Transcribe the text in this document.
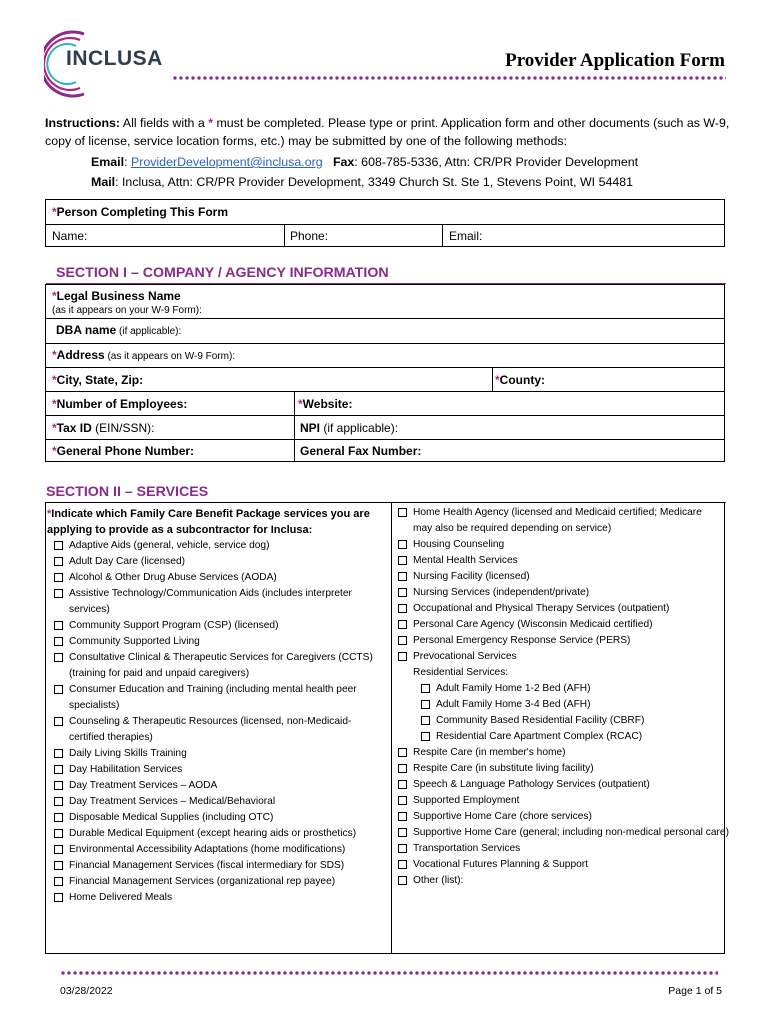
INCLUSA	Provider Application Form
Instructions: All fields with a * must be completed. Please type or print. Application form and other documents (such as W-9, copy of license, service location forms, etc.) may be submitted by one of the following methods:
Email: ProviderDevelopment@inclusa.org Fax: 608-785-5336, Attn: CR/PR Provider Development
Mail: Inclusa, Attn: CR/PR Provider Development, 3349 Church St. Ste 1, Stevens Point, WI 54481
*Person Completing This Form
Name:	Phone:	Email:
SECTION I – COMPANY / AGENCY INFORMATION
*Legal Business Name
(as it appears on your W-9 Form):
DBA name (if applicable):
*Address (as it appears on W-9 Form):
*City, State, Zip:	*County:
*Number of Employees:	*Website:
*Tax ID (EIN/SSN):	NPI (if applicable):
*General Phone Number:	General Fax Number:
SECTION II – SERVICES
*Indicate which Family Care Benefit Package services you are
applying to provide as a subcontractor for Inclusa:
Adaptive Aids (general, vehicle, service dog)
Adult Day Care (licensed)
Alcohol & Other Drug Abuse Services (AODA)
Assistive Technology/Communication Aids (includes interpreter
services)
Community Support Program (CSP) (licensed)
Community Supported Living
Consultative Clinical & Therapeutic Services for Caregivers (CCTS)
(training for paid and unpaid caregivers)
Consumer Education and Training (including mental health peer
specialists)
Counseling & Therapeutic Resources (licensed, non-Medicaid-
certified therapies)
Daily Living Skills Training
Day Habilitation Services
Day Treatment Services – AODA
Day Treatment Services – Medical/Behavioral
Disposable Medical Supplies (including OTC)
Durable Medical Equipment (except hearing aids or prosthetics)
Environmental Accessibility Adaptations (home modifications)
Financial Management Services (fiscal intermediary for SDS)
Financial Management Services (organizational rep payee)
Home Delivered Meals
Home Health Agency (licensed and Medicaid certified; Medicare
may also be required depending on service)
Housing Counseling
Mental Health Services
Nursing Facility (licensed)
Nursing Services (independent/private)
Occupational and Physical Therapy Services (outpatient)
Personal Care Agency (Wisconsin Medicaid certified)
Personal Emergency Response Service (PERS)
Prevocational Services
Residential Services:
Adult Family Home 1-2 Bed (AFH)
Adult Family Home 3-4 Bed (AFH)
Community Based Residential Facility (CBRF)
Residential Care Apartment Complex (RCAC)
Respite Care (in member's home)
Respite Care (in substitute living facility)
Speech & Language Pathology Services (outpatient)
Supported Employment
Supportive Home Care (chore services)
Supportive Home Care (general; including non-medical personal care)
Transportation Services
Vocational Futures Planning & Support
Other (list):
03/28/2022	Page 1 of 5
